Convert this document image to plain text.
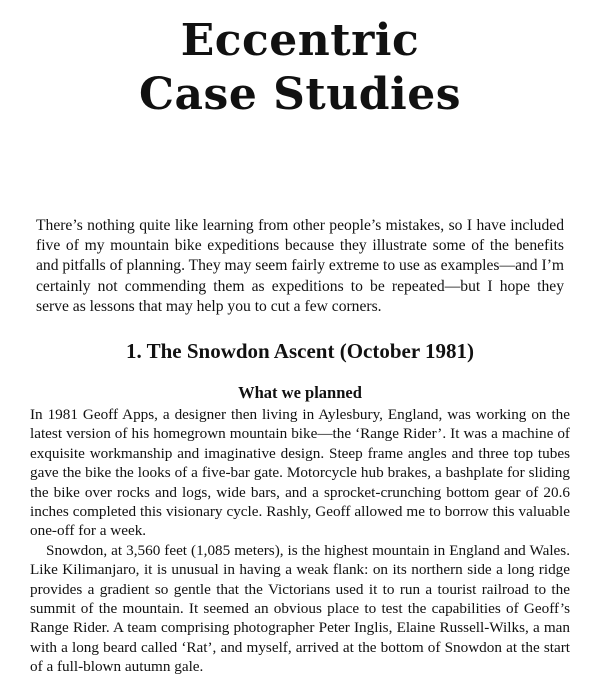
Eccentric
Case Studies

There’s nothing quite like learning from other people’s mistakes, so I have included five of my mountain bike expeditions because they illustrate some of the benefits and pitfalls of planning. They may seem fairly extreme to use as examples—and I’m certainly not commending them as expeditions to be repeated—but I hope they serve as lessons that may help you to cut a few corners.

1. The Snowdon Ascent (October 1981)
What we planned

In 1981 Geoff Apps, a designer then living in Aylesbury, England, was working on the latest version of his homegrown mountain bike—the ‘Range Rider’. It was a machine of exquisite workmanship and imaginative design. Steep frame angles and three top tubes gave the bike the looks of a five-bar gate. Motorcycle hub brakes, a bashplate for sliding the bike over rocks and logs, wide bars, and a sprocket-crunching bottom gear of 20.6 inches completed this visionary cycle. Rashly, Geoff allowed me to borrow this valuable one-off for a week.

Snowdon, at 3,560 feet (1,085 meters), is the highest mountain in England and Wales. Like Kilimanjaro, it is unusual in having a weak flank: on its northern side a long ridge provides a gradient so gentle that the Victorians used it to run a tourist railroad to the summit of the mountain. It seemed an obvious place to test the capabilities of Geoff’s Range Rider. A team comprising photographer Peter Inglis, Elaine Russell-Wilks, a man with a long beard called ‘Rat’, and myself, arrived at the bottom of Snowdon at the start of a full-blown autumn gale.
